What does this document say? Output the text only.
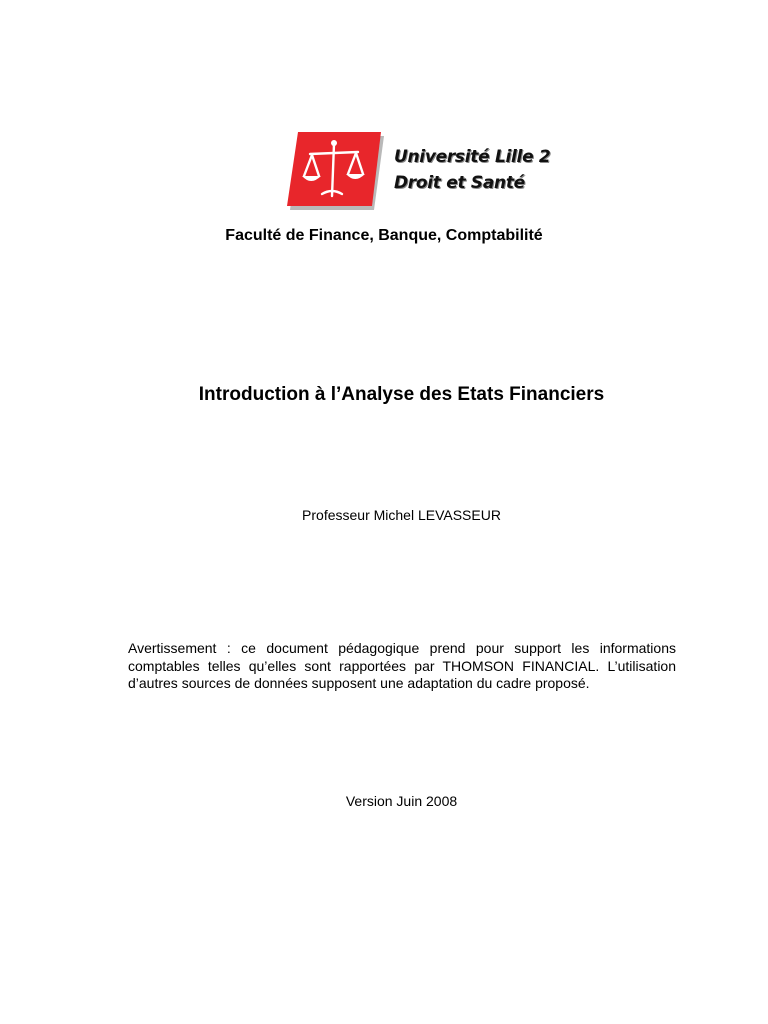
Université Lille 2
Droit et Santé
Faculté de Finance, Banque, Comptabilité
Introduction à l’Analyse des Etats Financiers
Professeur Michel LEVASSEUR
Avertissement : ce document pédagogique prend pour support les informations comptables telles qu’elles sont rapportées par THOMSON FINANCIAL. L’utilisation d’autres sources de données supposent une adaptation du cadre proposé.
Version Juin 2008
